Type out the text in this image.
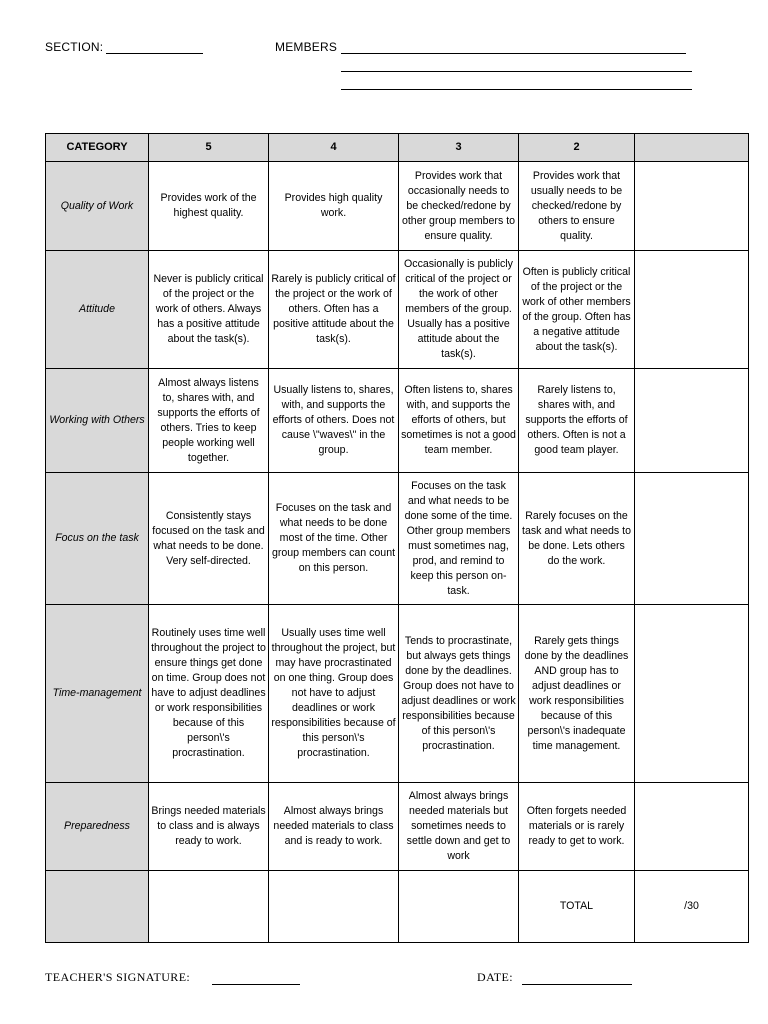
SECTION:	MEMBERS
CATEGORY	5	4	3	2	
Quality of Work	Provides work of the highest quality.	Provides high quality work.	Provides work that occasionally needs to be checked/redone by other group members to ensure quality.	Provides work that usually needs to be checked/redone by others to ensure quality.	
Attitude	Never is publicly critical of the project or the work of others. Always has a positive attitude about the task(s).	Rarely is publicly critical of the project or the work of others. Often has a positive attitude about the task(s).	Occasionally is publicly critical of the project or the work of other members of the group. Usually has a positive attitude about the task(s).	Often is publicly critical of the project or the work of other members of the group. Often has a negative attitude about the task(s).	
Working with Others	Almost always listens to, shares with, and supports the efforts of others. Tries to keep people working well together.	Usually listens to, shares, with, and supports the efforts of others. Does not cause \"waves\" in the group.	Often listens to, shares with, and supports the efforts of others, but sometimes is not a good team member.	Rarely listens to, shares with, and supports the efforts of others. Often is not a good team player.	
Focus on the task	Consistently stays focused on the task and what needs to be done. Very self-directed.	Focuses on the task and what needs to be done most of the time. Other group members can count on this person.	Focuses on the task and what needs to be done some of the time. Other group members must sometimes nag, prod, and remind to keep this person on-task.	Rarely focuses on the task and what needs to be done. Lets others do the work.	
Time-management	Routinely uses time well throughout the project to ensure things get done on time. Group does not have to adjust deadlines or work responsibilities because of this person\'s procrastination.	Usually uses time well throughout the project, but may have procrastinated on one thing. Group does not have to adjust deadlines or work responsibilities because of this person\'s procrastination.	Tends to procrastinate, but always gets things done by the deadlines. Group does not have to adjust deadlines or work responsibilities because of this person\'s procrastination.	Rarely gets things done by the deadlines AND group has to adjust deadlines or work responsibilities because of this person\'s inadequate time management.	
Preparedness	Brings needed materials to class and is always ready to work.	Almost always brings needed materials to class and is ready to work.	Almost always brings needed materials but sometimes needs to settle down and get to work	Often forgets needed materials or is rarely ready to get to work.	
				TOTAL	/30
TEACHER'S SIGNATURE:	DATE:
